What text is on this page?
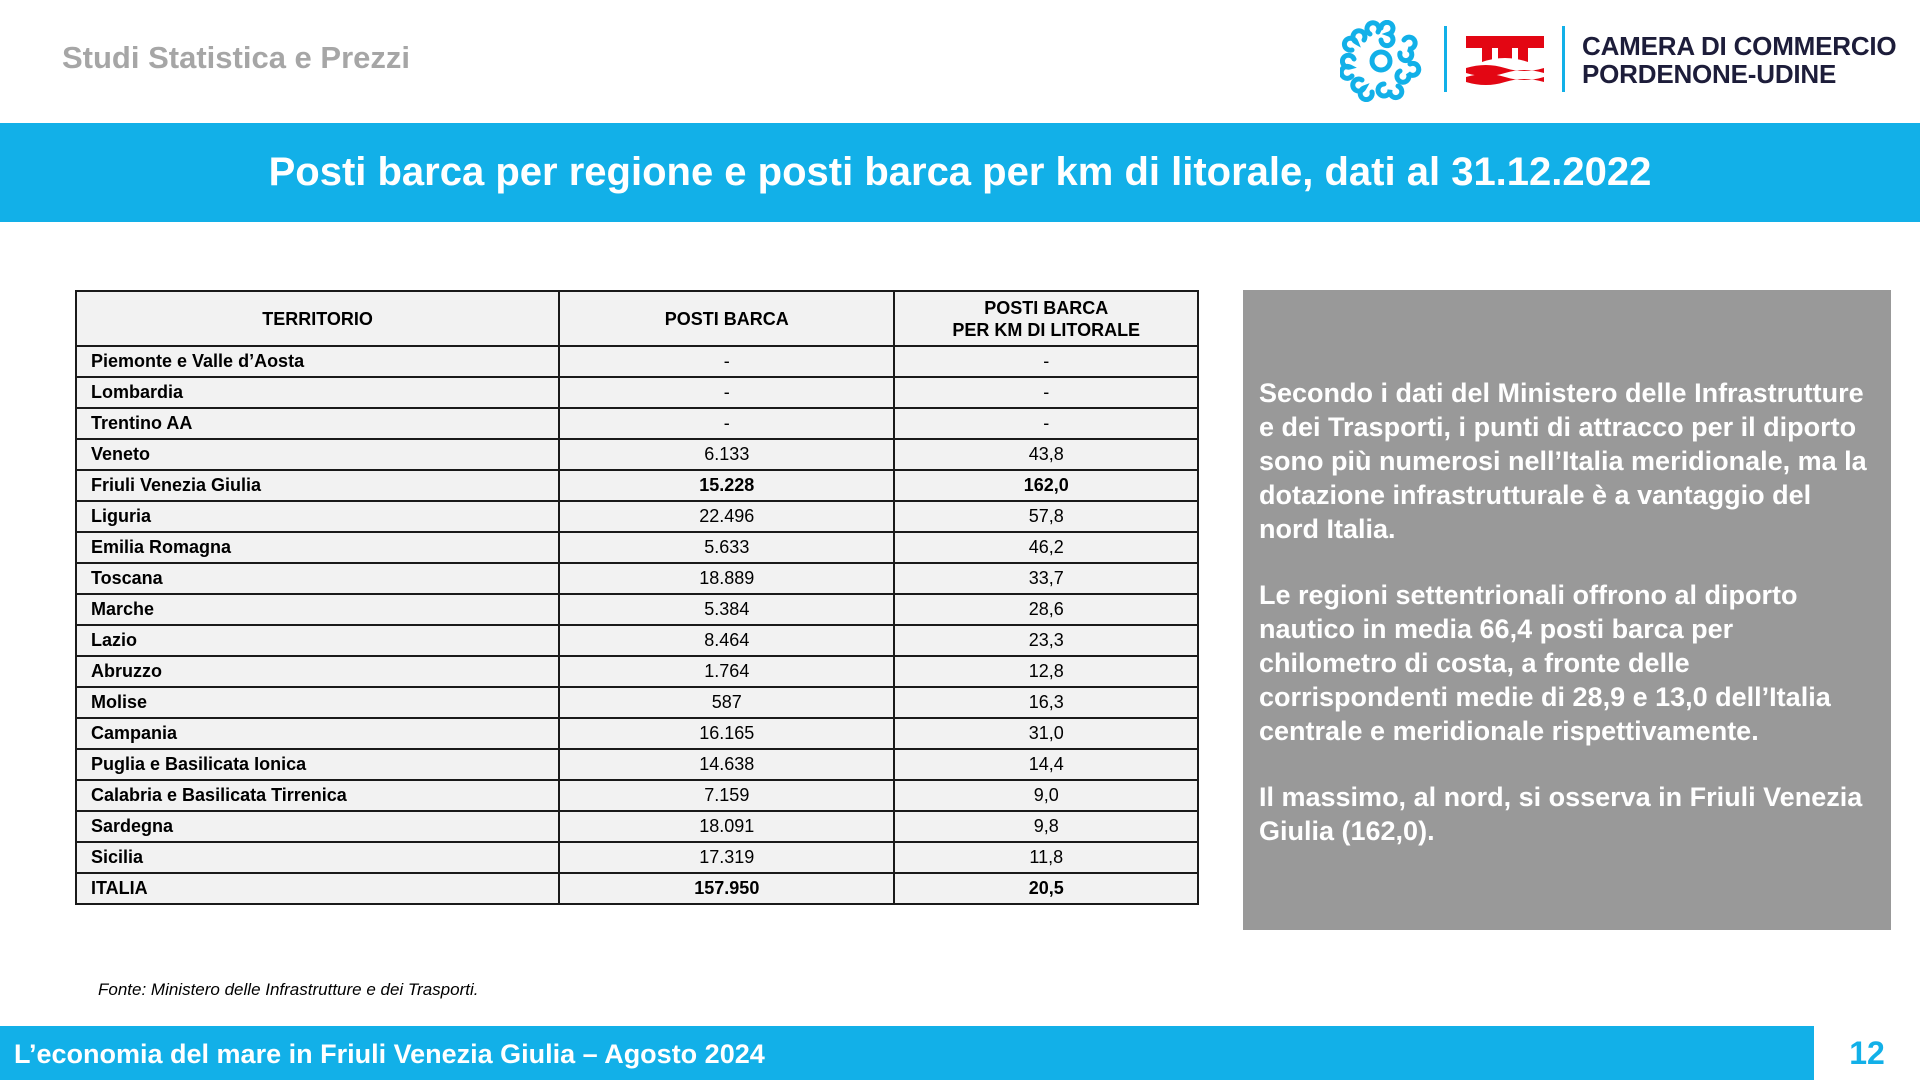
Studi Statistica e Prezzi	CAMERA DI COMMERCIO
PORDENONE-UDINE
Posti barca per regione e posti barca per km di litorale, dati al 31.12.2022
TERRITORIO	POSTI BARCA	POSTI BARCA
PER KM DI LITORALE

Piemonte e Valle d’Aosta	-	-
Lombardia	-	-
Trentino AA	-	-
Veneto	6.133	43,8
Friuli Venezia Giulia	15.228	162,0
Liguria	22.496	57,8
Emilia Romagna	5.633	46,2
Toscana	18.889	33,7
Marche	5.384	28,6
Lazio	8.464	23,3
Abruzzo	1.764	12,8
Molise	587	16,3
Campania	16.165	31,0
Puglia e Basilicata Ionica	14.638	14,4
Calabria e Basilicata Tirrenica	7.159	9,0
Sardegna	18.091	9,8
Sicilia	17.319	11,8
ITALIA	157.950	20,5
Fonte: Ministero delle Infrastrutture e dei Trasporti.

Secondo i dati del Ministero delle Infrastrutture e dei Trasporti, i punti di attracco per il diporto sono più numerosi nell’Italia meridionale, ma la dotazione infrastrutturale è a vantaggio del nord Italia.

Le regioni settentrionali offrono al diporto nautico in media 66,4 posti barca per chilometro di costa, a fronte delle corrispondenti medie di 28,9 e 13,0 dell’Italia centrale e meridionale rispettivamente.

Il massimo, al nord, si osserva in Friuli Venezia Giulia (162,0).

L’economia del mare in Friuli Venezia Giulia – Agosto 2024	12
